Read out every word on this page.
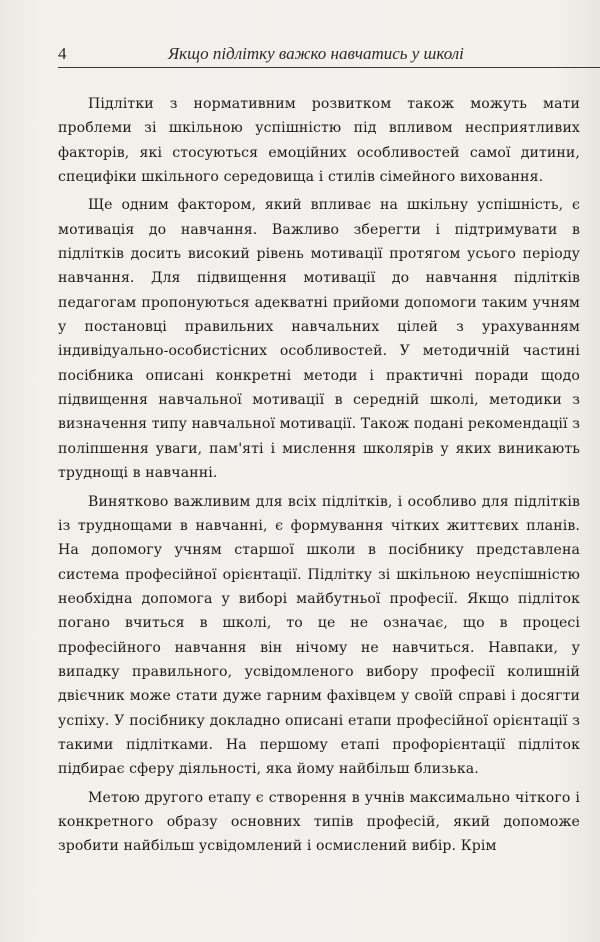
4	Якщо підлітку важко навчатись у школі

Підлітки з нормативним розвитком також можуть мати проблеми зі шкільною успішністю під впливом несприятливих факторів, які стосуються емоційних особливостей самої дитини, специфіки шкільного середовища і стилів сімейного виховання.

Ще одним фактором, який впливає на шкільну успішність, є мотивація до навчання. Важливо зберегти і підтримувати в підлітків досить високий рівень мотивації протягом усього періоду навчання. Для підвищення мотивації до навчання підлітків педагогам пропонуються адекватні прийоми допомоги таким учням у постановці правильних навчальних цілей з урахуванням індивідуально-особистісних особливостей. У методичній частині посібника описані конкретні методи і практичні поради щодо підвищення навчальної мотивації в середній школі, методики з визначення типу навчальної мотивації. Також подані рекомендації з поліпшення уваги, пам'яті і мислення школярів у яких виникають труднощі в навчанні.

Винятково важливим для всіх підлітків, і особливо для підлітків із труднощами в навчанні, є формування чітких життєвих планів. На допомогу учням старшої школи в посібнику представлена система професійної орієнтації. Підлітку зі шкільною неуспішністю необхідна допомога у виборі майбутньої професії. Якщо підліток погано вчиться в школі, то це не означає, що в процесі професійного навчання він нічому не навчиться. Навпаки, у випадку правильного, усвідомленого вибору професії колишній двієчник може стати дуже гарним фахівцем у своїй справі і досягти успіху. У посібнику докладно описані етапи професійної орієнтації з такими підлітками. На першому етапі профорієнтації підліток підбирає сферу діяльності, яка йому найбільш близька.

Метою другого етапу є створення в учнів максимально чіткого і конкретного образу основних типів професій, який допоможе зробити найбільш усвідомлений і осмислений вибір. Крім
